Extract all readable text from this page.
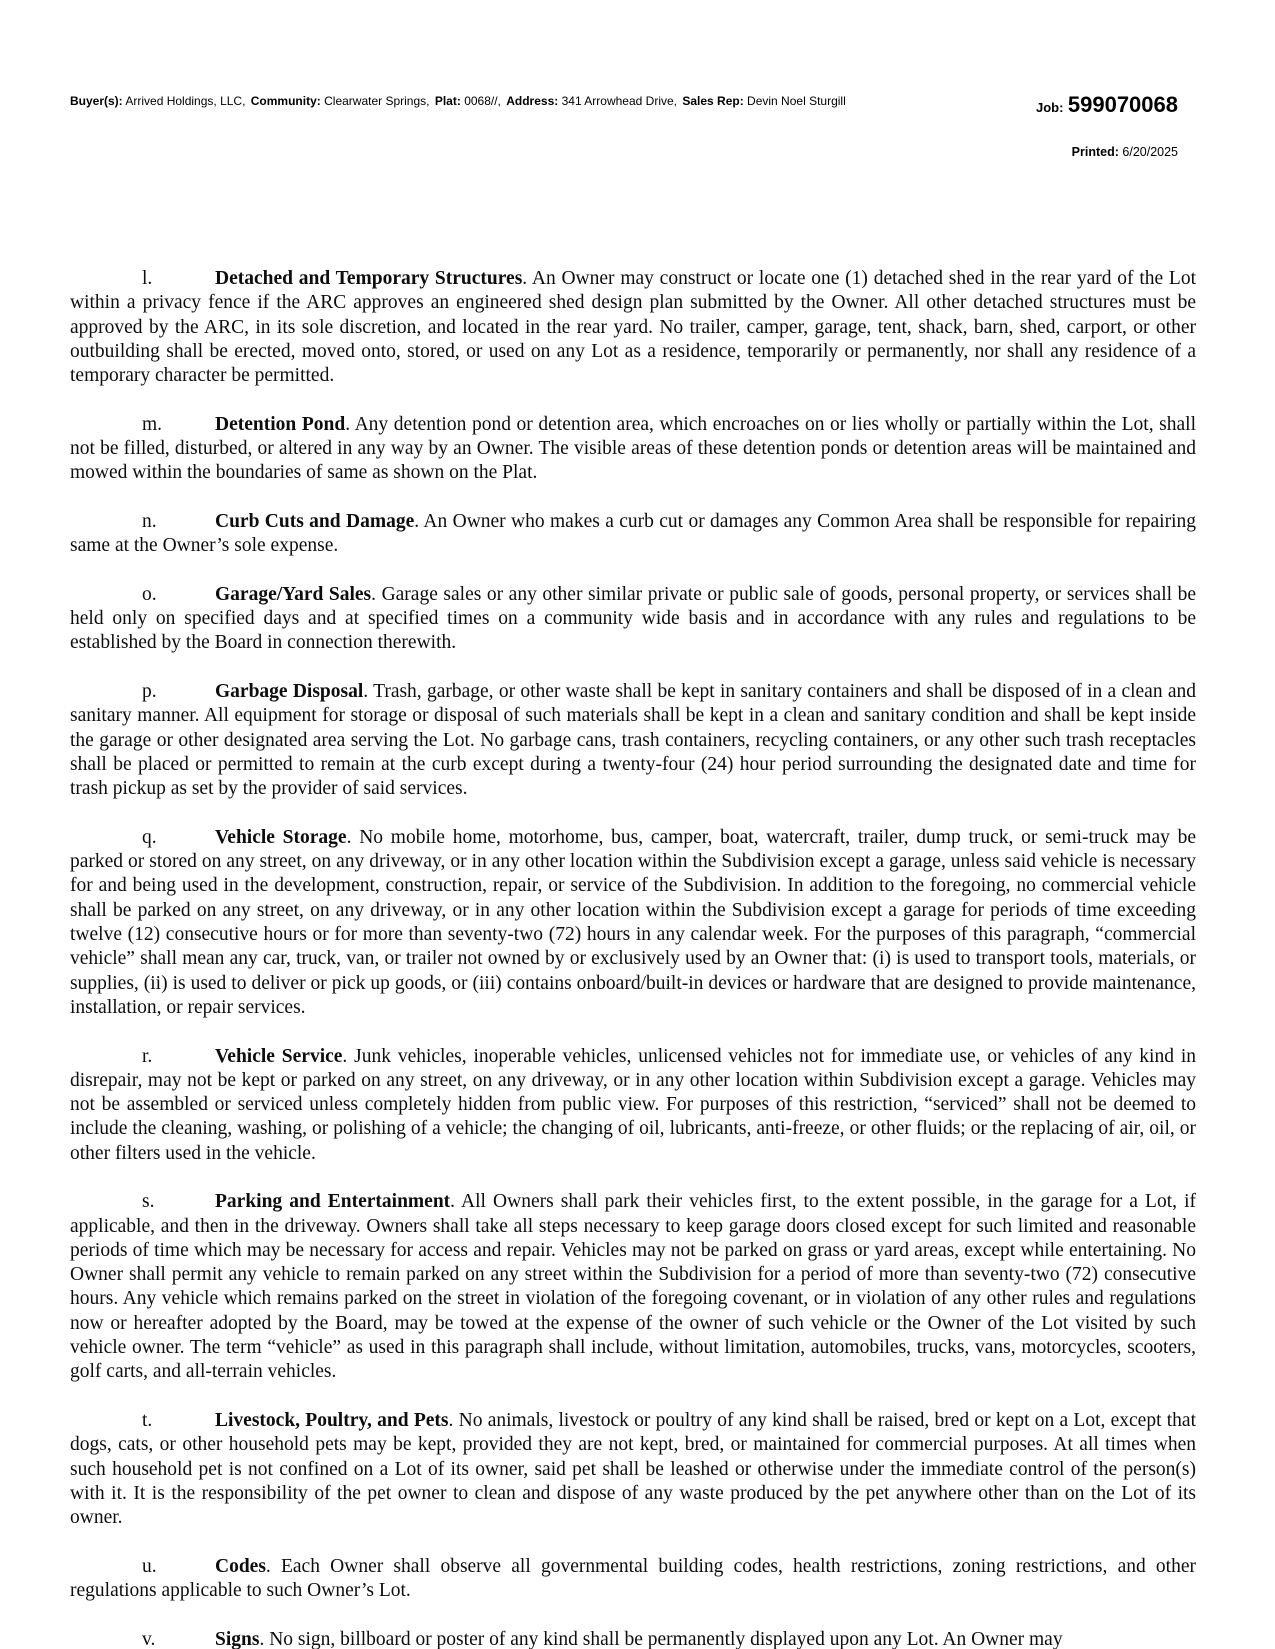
Buyer(s): Arrived Holdings, LLC, Community: Clearwater Springs, Plat: 0068//, Address: 341 Arrowhead Drive, Sales Rep: Devin Noel Sturgill	Job: 599070068
Printed: 6/20/2025

l.	Detached and Temporary Structures. An Owner may construct or locate one (1) detached shed in the rear yard of the Lot within a privacy fence if the ARC approves an engineered shed design plan submitted by the Owner. All other detached structures must be approved by the ARC, in its sole discretion, and located in the rear yard. No trailer, camper, garage, tent, shack, barn, shed, carport, or other outbuilding shall be erected, moved onto, stored, or used on any Lot as a residence, temporarily or permanently, nor shall any residence of a temporary character be permitted.

m.	Detention Pond. Any detention pond or detention area, which encroaches on or lies wholly or partially within the Lot, shall not be filled, disturbed, or altered in any way by an Owner. The visible areas of these detention ponds or detention areas will be maintained and mowed within the boundaries of same as shown on the Plat.

n.	Curb Cuts and Damage. An Owner who makes a curb cut or damages any Common Area shall be responsible for repairing same at the Owner’s sole expense.

o.	Garage/Yard Sales. Garage sales or any other similar private or public sale of goods, personal property, or services shall be held only on specified days and at specified times on a community wide basis and in accordance with any rules and regulations to be established by the Board in connection therewith.

p.	Garbage Disposal. Trash, garbage, or other waste shall be kept in sanitary containers and shall be disposed of in a clean and sanitary manner. All equipment for storage or disposal of such materials shall be kept in a clean and sanitary condition and shall be kept inside the garage or other designated area serving the Lot. No garbage cans, trash containers, recycling containers, or any other such trash receptacles shall be placed or permitted to remain at the curb except during a twenty-four (24) hour period surrounding the designated date and time for trash pickup as set by the provider of said services.

q.	Vehicle Storage. No mobile home, motorhome, bus, camper, boat, watercraft, trailer, dump truck, or semi-truck may be parked or stored on any street, on any driveway, or in any other location within the Subdivision except a garage, unless said vehicle is necessary for and being used in the development, construction, repair, or service of the Subdivision. In addition to the foregoing, no commercial vehicle shall be parked on any street, on any driveway, or in any other location within the Subdivision except a garage for periods of time exceeding twelve (12) consecutive hours or for more than seventy-two (72) hours in any calendar week. For the purposes of this paragraph, “commercial vehicle” shall mean any car, truck, van, or trailer not owned by or exclusively used by an Owner that: (i) is used to transport tools, materials, or supplies, (ii) is used to deliver or pick up goods, or (iii) contains onboard/built-in devices or hardware that are designed to provide maintenance, installation, or repair services.

r.	Vehicle Service. Junk vehicles, inoperable vehicles, unlicensed vehicles not for immediate use, or vehicles of any kind in disrepair, may not be kept or parked on any street, on any driveway, or in any other location within Subdivision except a garage. Vehicles may not be assembled or serviced unless completely hidden from public view. For purposes of this restriction, “serviced” shall not be deemed to include the cleaning, washing, or polishing of a vehicle; the changing of oil, lubricants, anti-freeze, or other fluids; or the replacing of air, oil, or other filters used in the vehicle.

s.	Parking and Entertainment. All Owners shall park their vehicles first, to the extent possible, in the garage for a Lot, if applicable, and then in the driveway. Owners shall take all steps necessary to keep garage doors closed except for such limited and reasonable periods of time which may be necessary for access and repair. Vehicles may not be parked on grass or yard areas, except while entertaining. No Owner shall permit any vehicle to remain parked on any street within the Subdivision for a period of more than seventy-two (72) consecutive hours. Any vehicle which remains parked on the street in violation of the foregoing covenant, or in violation of any other rules and regulations now or hereafter adopted by the Board, may be towed at the expense of the owner of such vehicle or the Owner of the Lot visited by such vehicle owner. The term “vehicle” as used in this paragraph shall include, without limitation, automobiles, trucks, vans, motorcycles, scooters, golf carts, and all-terrain vehicles.

t.	Livestock, Poultry, and Pets. No animals, livestock or poultry of any kind shall be raised, bred or kept on a Lot, except that dogs, cats, or other household pets may be kept, provided they are not kept, bred, or maintained for commercial purposes. At all times when such household pet is not confined on a Lot of its owner, said pet shall be leashed or otherwise under the immediate control of the person(s) with it. It is the responsibility of the pet owner to clean and dispose of any waste produced by the pet anywhere other than on the Lot of its owner.

u.	Codes. Each Owner shall observe all governmental building codes, health restrictions, zoning restrictions, and other regulations applicable to such Owner’s Lot.

v.	Signs. No sign, billboard or poster of any kind shall be permanently displayed upon any Lot. An Owner may
